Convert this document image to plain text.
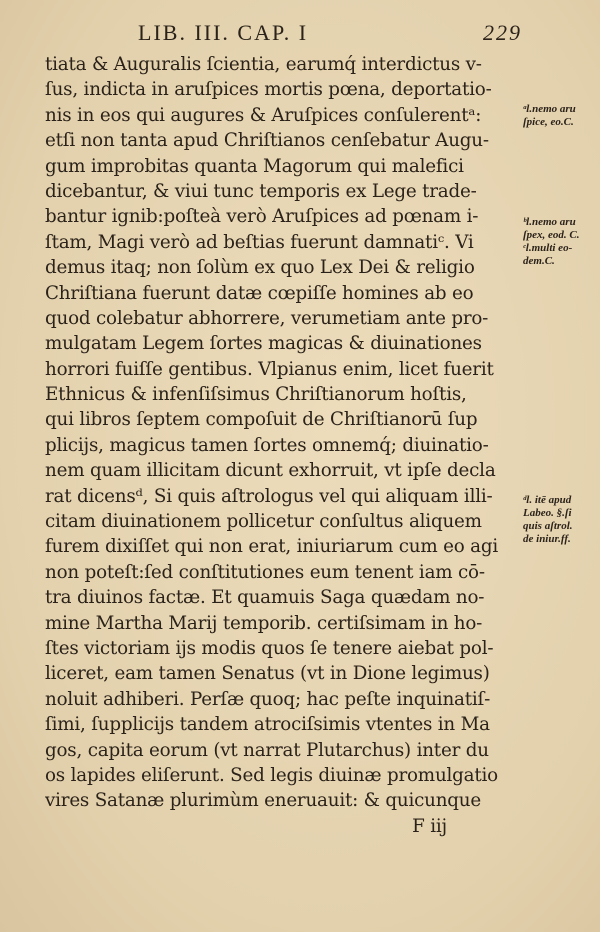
LIB. III. CAP. I	229
tiata & Auguralis ſcientia, earumq́ interdictus v-
ſus, indicta in aruſpices mortis pœna, deportatio-
nis in eos qui augures & Aruſpices conſulerentᵃ:
etſi non tanta apud Chriſtianos cenſebatur Augu-
gum improbitas quanta Magorum qui malefici
dicebantur, & viui tunc temporis ex Lege trade-
bantur ignib:poſteà verò Aruſpices ad pœnam i-
ſtam, Magi verò ad beſtias fuerunt damnatiᶜ. Vi
demus itaq; non ſolùm ex quo Lex Dei & religio
Chriſtiana fuerunt datæ cœpiſſe homines ab eo
quod colebatur abhorrere, verumetiam ante pro-
mulgatam Legem ſortes magicas & diuinationes
horrori fuiſſe gentibus. Vlpianus enim, licet fuerit
Ethnicus & infenſiſsimus Chriſtianorum hoſtis,
qui libros ſeptem compoſuit de Chriſtianorū ſup
plicijs, magicus tamen ſortes omnemq́; diuinatio-
nem quam illicitam dicunt exhorruit, vt ipſe decla
rat dicensᵈ, Si quis aſtrologus vel qui aliquam illi-
citam diuinationem pollicetur conſultus aliquem
furem dixiſſet qui non erat, iniuriarum cum eo agi
non poteſt:ſed conſtitutiones eum tenent iam cō-
tra diuinos factæ. Et quamuis Saga quædam no-
mine Martha Marij temporib. certiſsimam in ho-
ſtes victoriam ijs modis quos ſe tenere aiebat pol-
liceret, eam tamen Senatus (vt in Dione legimus)
noluit adhiberi. Perſæ quoq; hac peſte inquinatiſ-
ſimi, ſupplicijs tandem atrociſsimis vtentes in Ma
gos, capita eorum (vt narrat Plutarchus) inter du
os lapides eliſerunt. Sed legis diuinæ promulgatio
vires Satanæ plurimùm eneruauit: & quicunque
F iij
ᵃl.nemo aru
ſpice, eo.C.
ᵇl.nemo aru
ſpex, eod. C.
ᶜl.multi eo-
dem.C.
ᵈl. itē apud
Labeo. §.ſi
quis aſtrol.
de iniur.ff.
